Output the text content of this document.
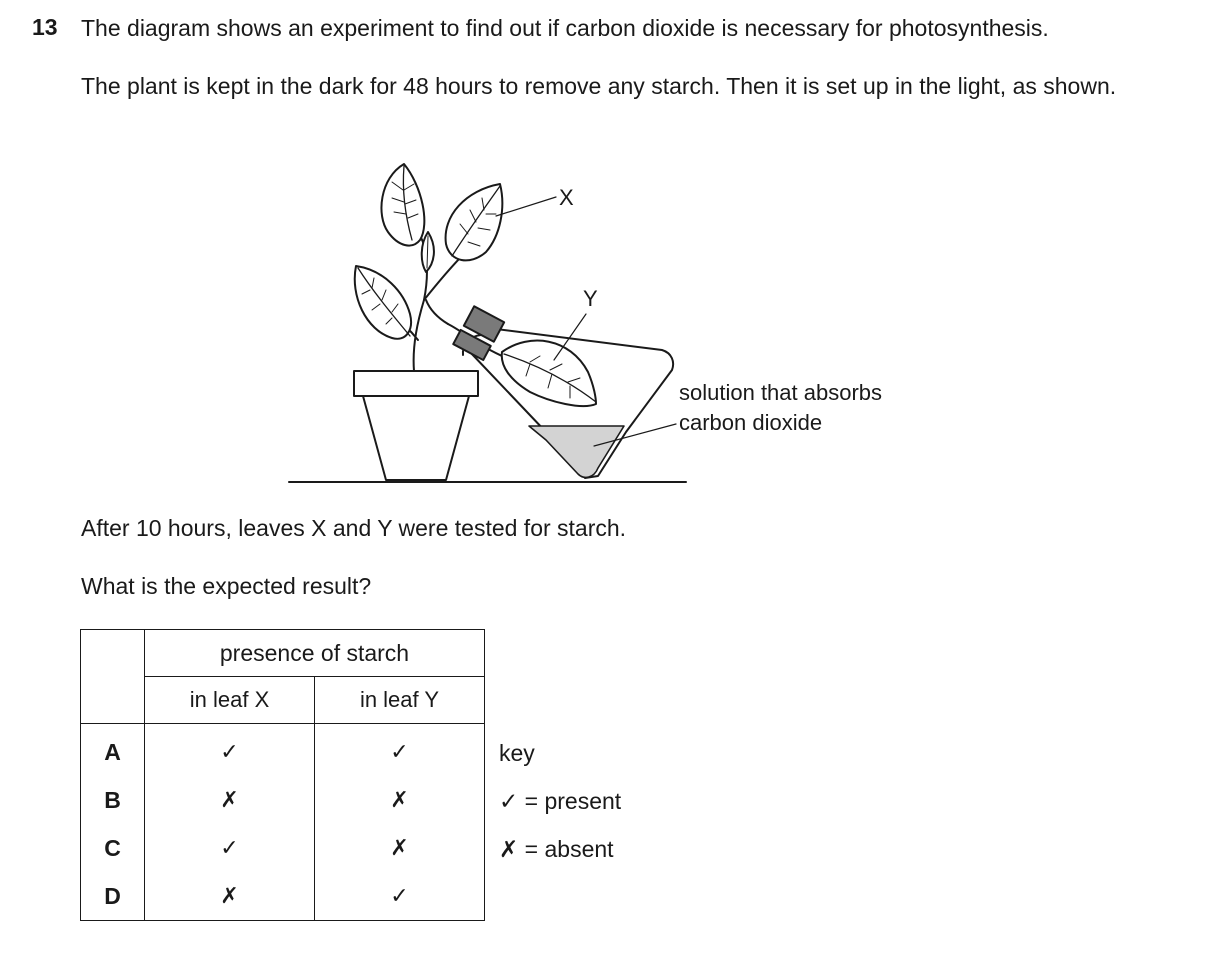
13 The diagram shows an experiment to find out if carbon dioxide is necessary for photosynthesis.
The plant is kept in the dark for 48 hours to remove any starch. Then it is set up in the light, as shown.
X
Y
solution that absorbs
carbon dioxide
After 10 hours, leaves X and Y were tested for starch.
What is the expected result?
	presence of starch	
	in leaf X	in leaf Y
A	✓	✓
B	✗	✗
C	✓	✗
D	✗	✓
key
✓ = present
✗ = absent
